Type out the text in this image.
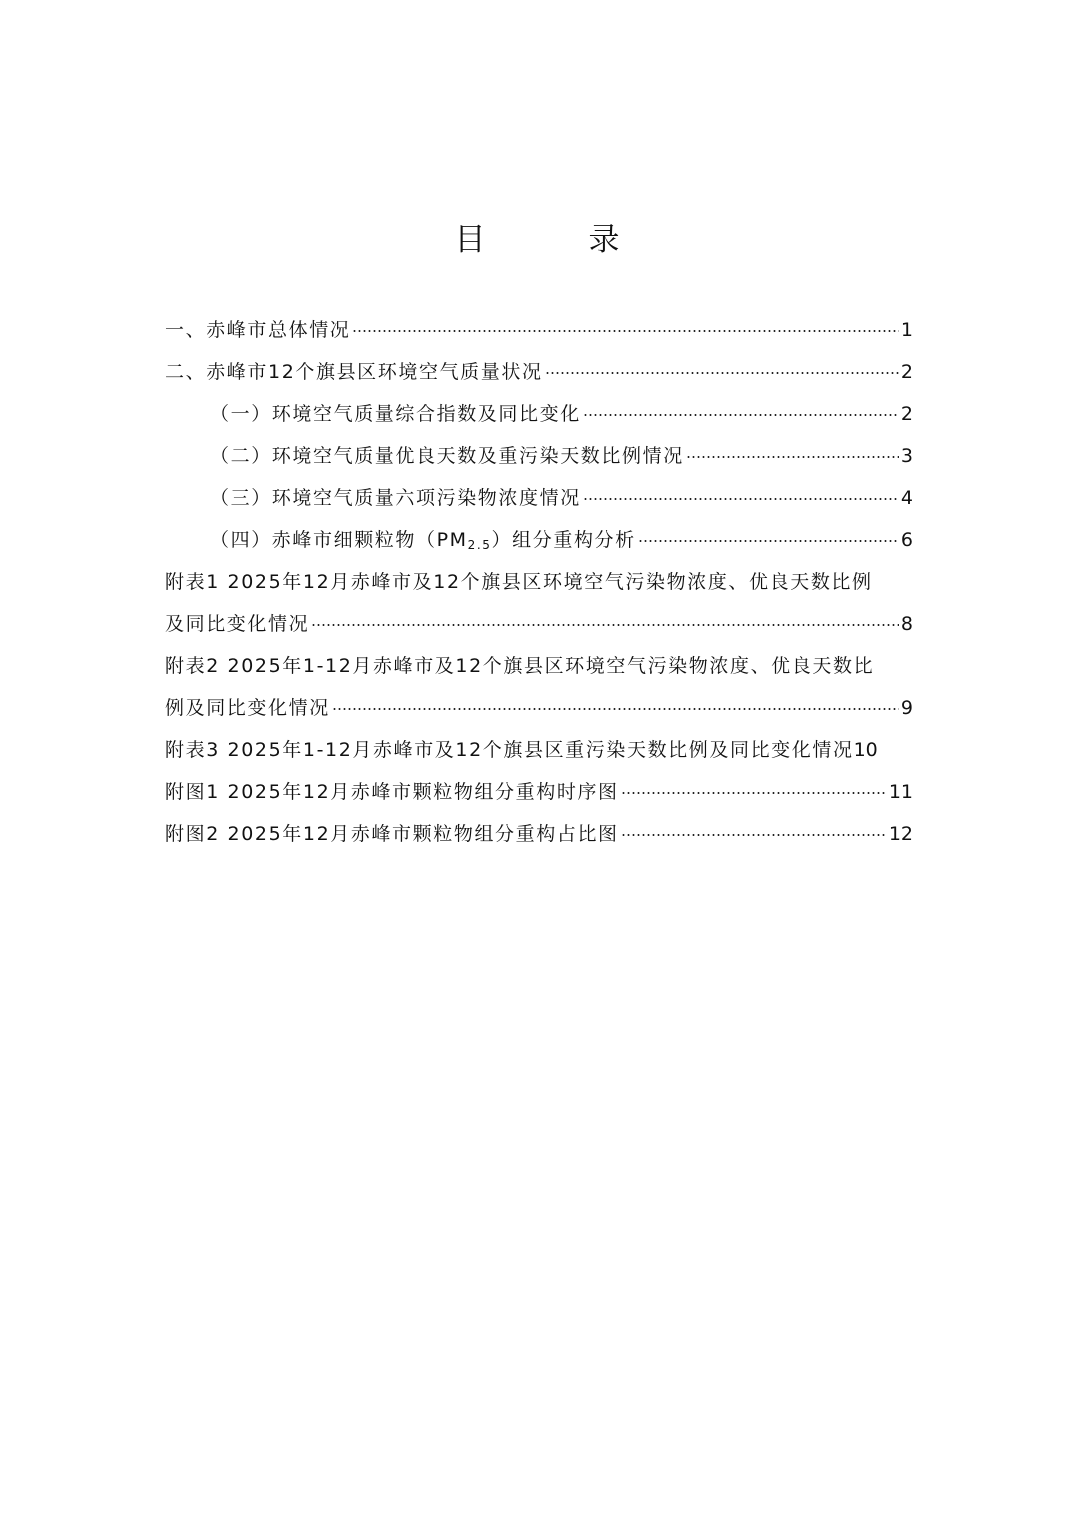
目　录
一、赤峰市总体情况	1
二、赤峰市12个旗县区环境空气质量状况	2
（一）环境空气质量综合指数及同比变化	2
（二）环境空气质量优良天数及重污染天数比例情况	3
（三）环境空气质量六项污染物浓度情况	4
（四）赤峰市细颗粒物$(PM_{2.5})$组分重构分析	6
附表1 2025年12月赤峰市及12个旗县区环境空气污染物浓度、优良天数比例
及同比变化情况	8
附表2 2025年1-12月赤峰市及12个旗县区环境空气污染物浓度、优良天数比
例及同比变化情况	9
附表3 2025年1-12月赤峰市及12个旗县区重污染天数比例及同比变化情况 10
附图1 2025年12月赤峰市颗粒物组分重构时序图	11
附图2 2025年12月赤峰市颗粒物组分重构占比图	12
